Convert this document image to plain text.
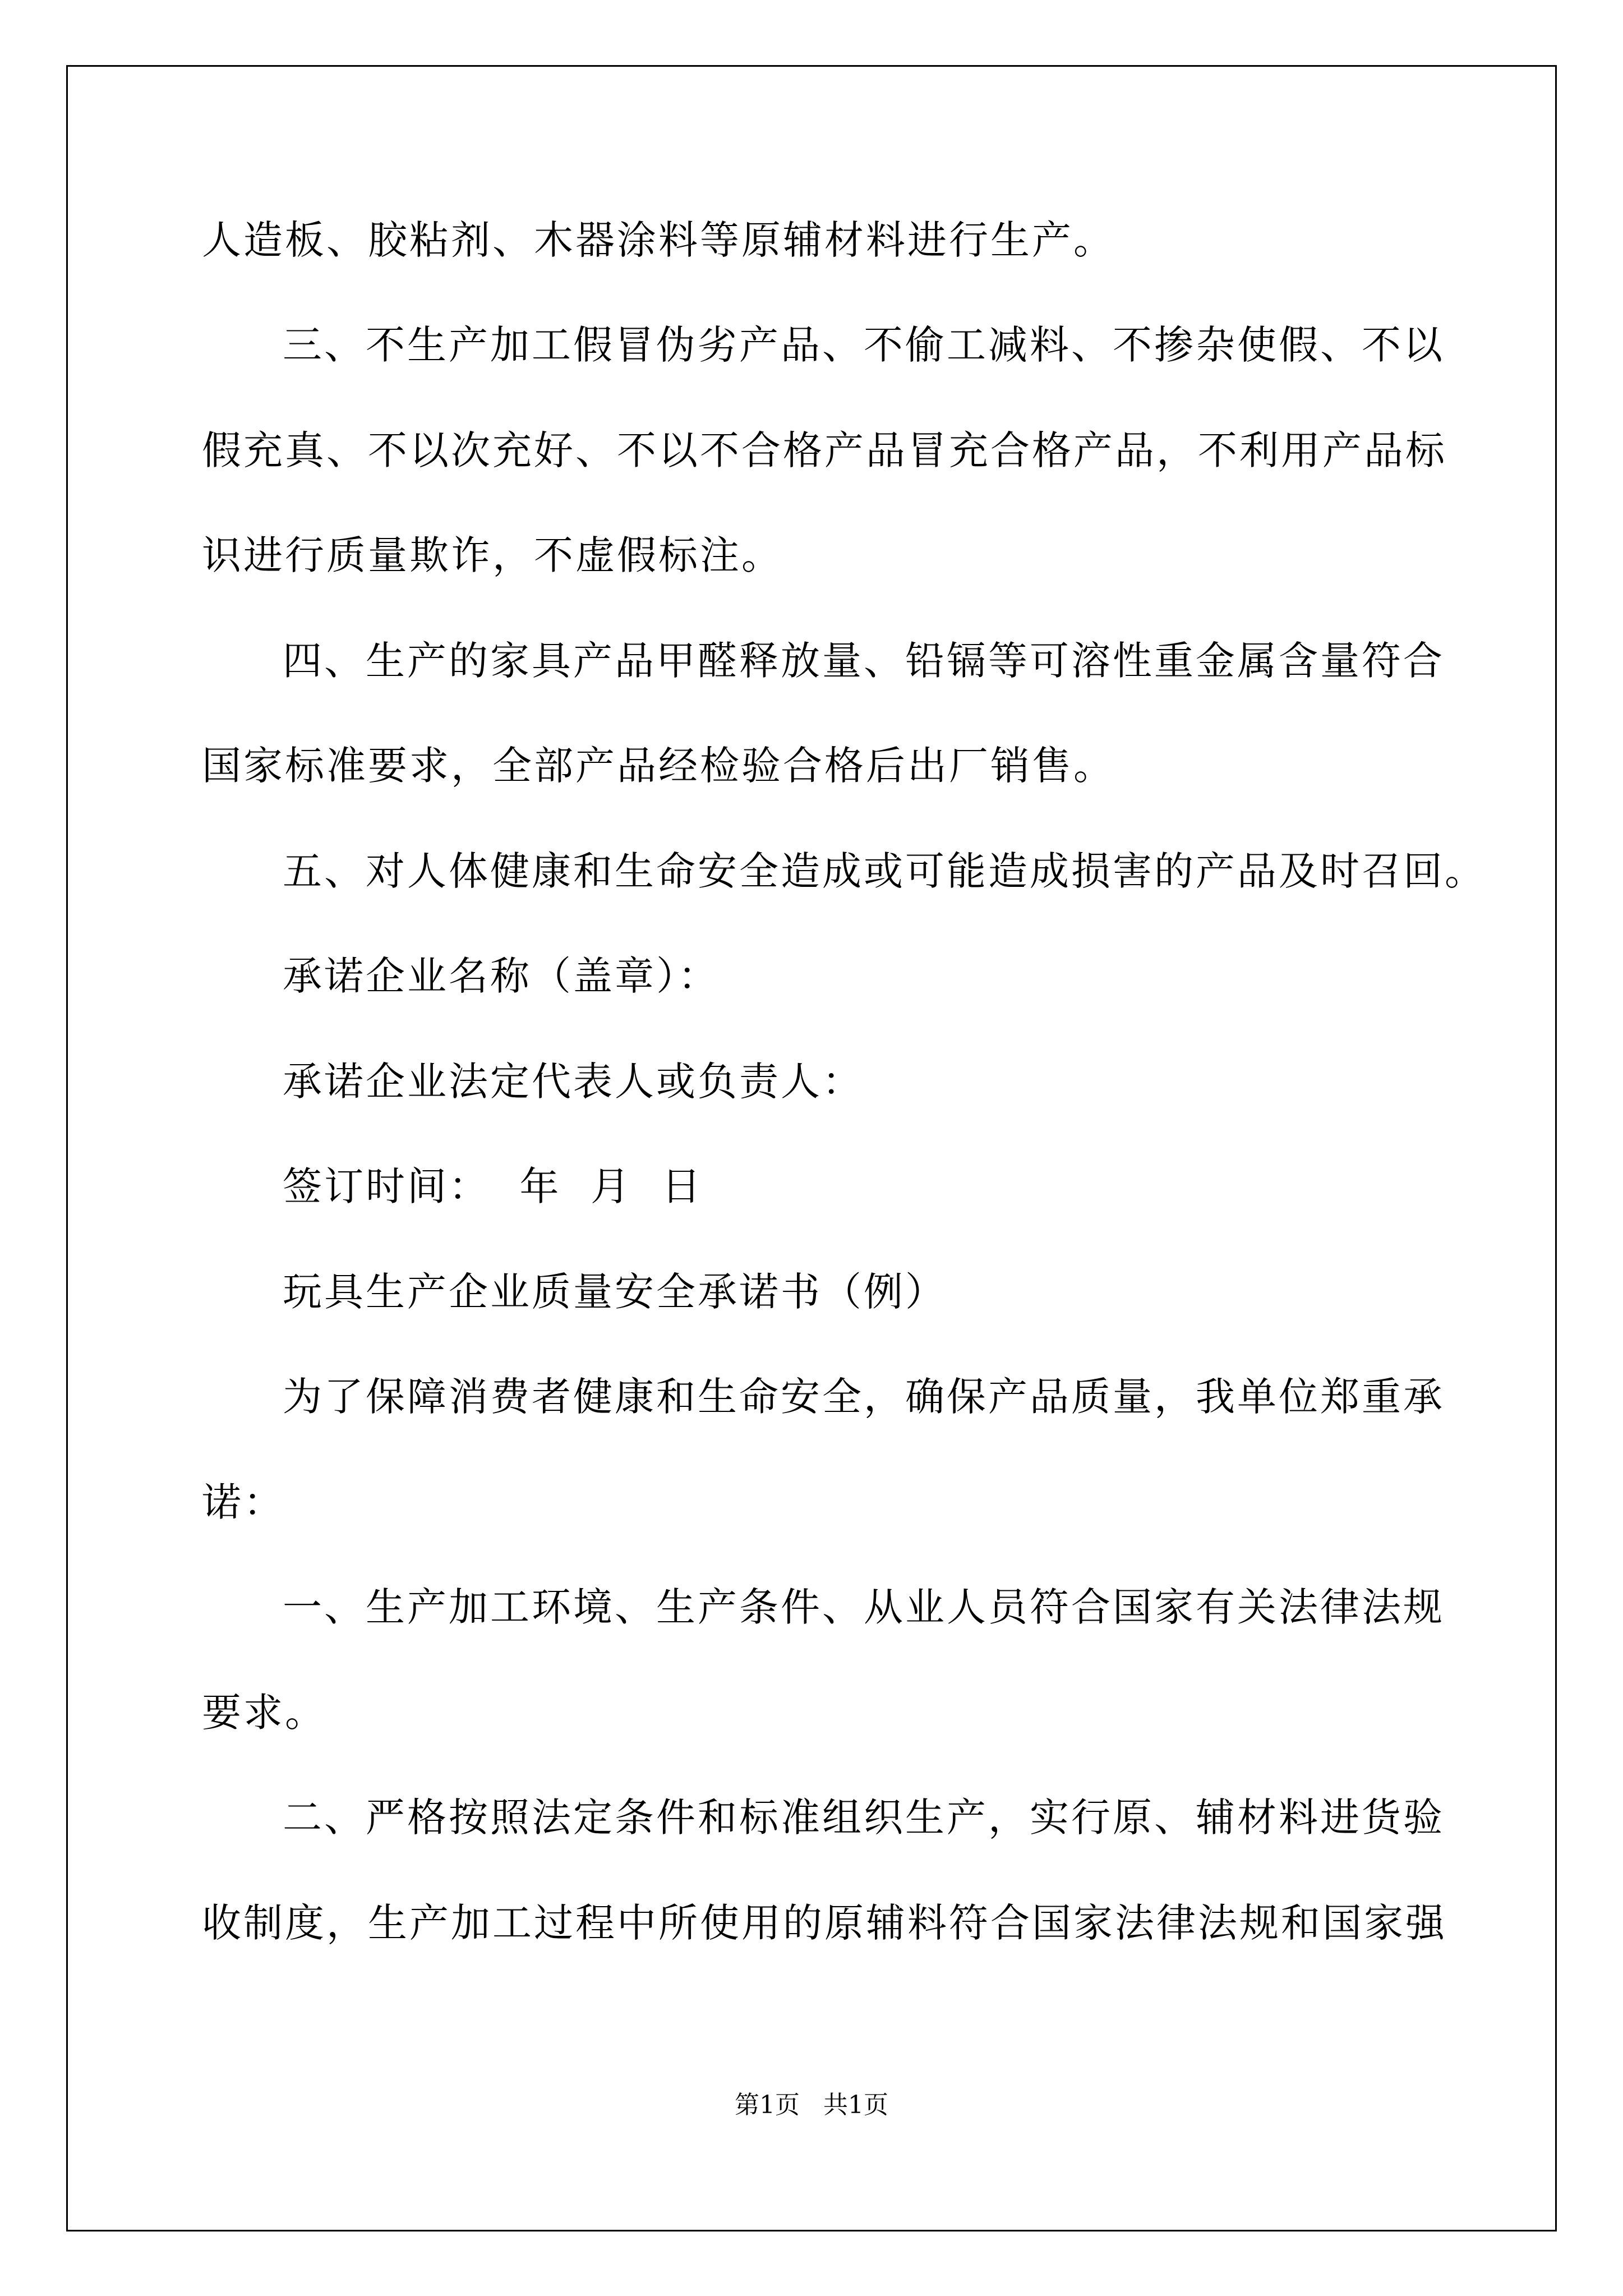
人造板、胶粘剂、木器涂料等原辅材料进行生产。
三、不生产加工假冒伪劣产品、不偷工减料、不掺杂使假、不以
假充真、不以次充好、不以不合格产品冒充合格产品，不利用产品标
识进行质量欺诈，不虚假标注。
四、生产的家具产品甲醛释放量、铅镉等可溶性重金属含量符合
国家标准要求，全部产品经检验合格后出厂销售。
五、对人体健康和生命安全造成或可能造成损害的产品及时召回。
承诺企业名称（盖章）：
承诺企业法定代表人或负责人：
签订时间：  年  月  日
玩具生产企业质量安全承诺书（例）
为了保障消费者健康和生命安全，确保产品质量，我单位郑重承
诺：
一、生产加工环境、生产条件、从业人员符合国家有关法律法规
要求。
二、严格按照法定条件和标准组织生产，实行原、辅材料进货验
收制度，生产加工过程中所使用的原辅料符合国家法律法规和国家强
第1页   共1页
